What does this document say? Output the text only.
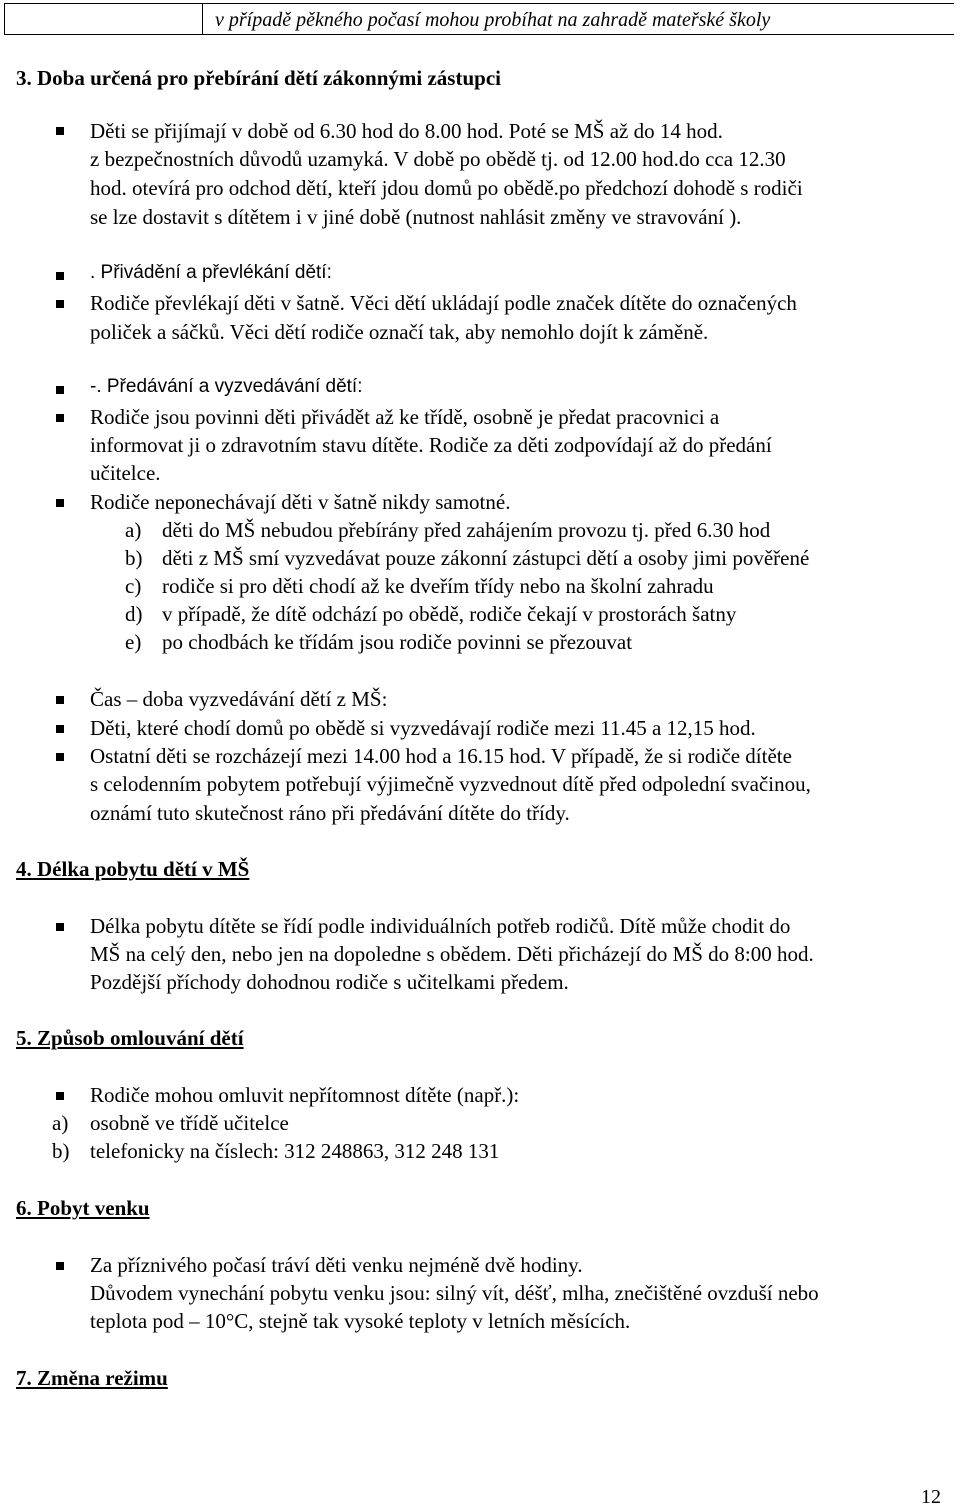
v případě pěkného počasí mohou probíhat na zahradě mateřské školy
3. Doba určená pro přebírání dětí zákonnými zástupci
Děti se přijímají v době od 6.30 hod do 8.00 hod. Poté se MŠ až do 14 hod.
z bezpečnostních důvodů uzamyká. V době po obědě tj. od 12.00 hod.do cca 12.30
hod. otevírá pro odchod dětí, kteří jdou domů po obědě.po předchozí dohodě s rodiči
se lze dostavit s dítětem i v jiné době (nutnost nahlásit změny ve stravování ).
. Přivádění a převlékání dětí:
Rodiče převlékají děti v šatně. Věci dětí ukládají podle značek dítěte do označených
poliček a sáčků. Věci dětí rodiče označí tak, aby nemohlo dojít k záměně.
-. Předávání a vyzvedávání dětí:
Rodiče jsou povinni děti přivádět až ke třídě, osobně je předat pracovnici a
informovat ji o zdravotním stavu dítěte. Rodiče za děti zodpovídají až do předání
učitelce.
Rodiče neponechávají děti v šatně nikdy samotné.
a) děti do MŠ nebudou přebírány před zahájením provozu tj. před 6.30 hod
b) děti z MŠ smí vyzvedávat pouze zákonní zástupci dětí a osoby jimi pověřené
c) rodiče si pro děti chodí až ke dveřím třídy nebo na školní zahradu
d) v případě, že dítě odchází po obědě, rodiče čekají v prostorách šatny
e) po chodbách ke třídám jsou rodiče povinni se přezouvat
Čas – doba vyzvedávání dětí z MŠ:
Děti, které chodí domů po obědě si vyzvedávají rodiče mezi 11.45 a 12,15 hod.
Ostatní děti se rozcházejí mezi 14.00 hod a 16.15 hod. V případě, že si rodiče dítěte
s celodenním pobytem potřebují výjimečně vyzvednout dítě před odpolední svačinou,
oznámí tuto skutečnost ráno při předávání dítěte do třídy.
4. Délka pobytu dětí v MŠ
Délka pobytu dítěte se řídí podle individuálních potřeb rodičů. Dítě může chodit do
MŠ na celý den, nebo jen na dopoledne s obědem. Děti přicházejí do MŠ do 8:00 hod.
Pozdější příchody dohodnou rodiče s učitelkami předem.
5. Způsob omlouvání dětí
Rodiče mohou omluvit nepřítomnost dítěte (např.):
a) osobně ve třídě učitelce
b) telefonicky na číslech: 312 248863, 312 248 131
6. Pobyt venku
Za příznivého počasí tráví děti venku nejméně dvě hodiny.
Důvodem vynechání pobytu venku jsou: silný vít, déšť, mlha, znečištěné ovzduší nebo
teplota pod – 10°C, stejně tak vysoké teploty v letních měsících.
7. Změna režimu
12
